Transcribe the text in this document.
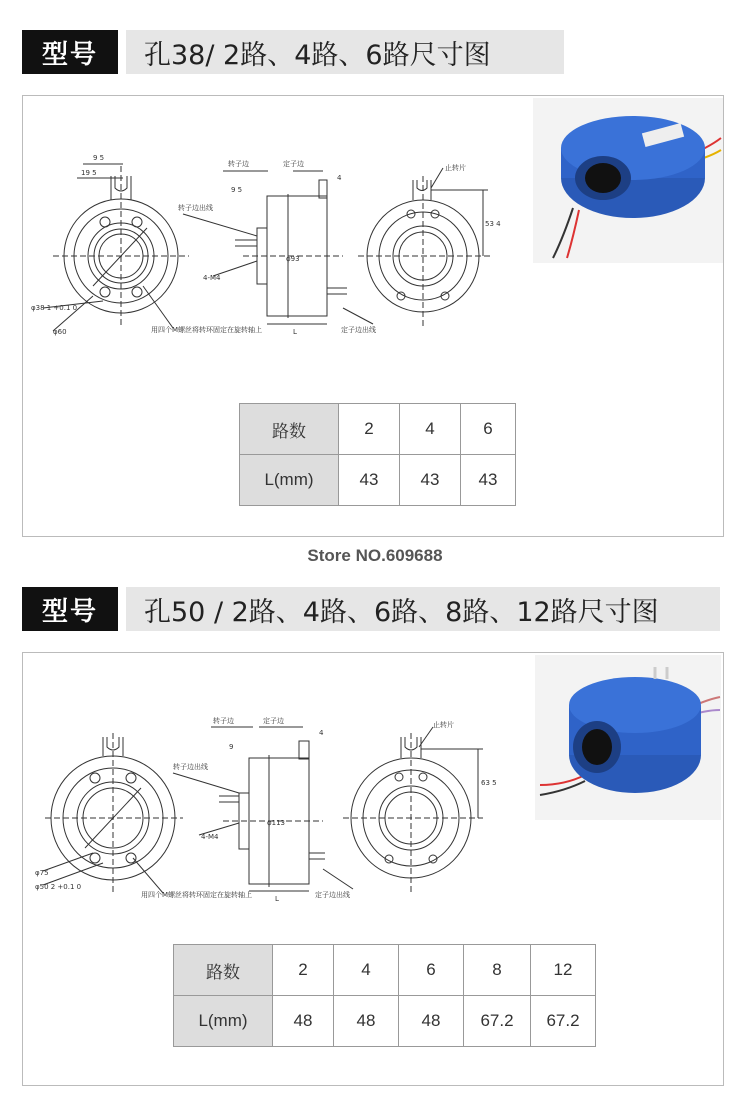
型号	孔38/ 2路、4路、6路尺寸图
9 5
19 5
转子边	定子边
4
9 5
转子边出线
4-M4
φ93
L	定子边出线
止转片
53 4
φ38 1 +0.1 0
φ60	用四个M螺丝将转环固定在旋转轴上
路数	2	4	6
L(mm)	43	43	43
Store NO.609688
型号	孔50 / 2路、4路、6路、8路、12路尺寸图
转子边	定子边
4
9
转子边出线
4-M4
φ113
L	定子边出线
止转片
63 5
φ75
φ50 2 +0.1 0
用四个M螺丝将转环固定在旋转轴上
路数	2	4	6	8	12
L(mm)	48	48	48	67.2	67.2
